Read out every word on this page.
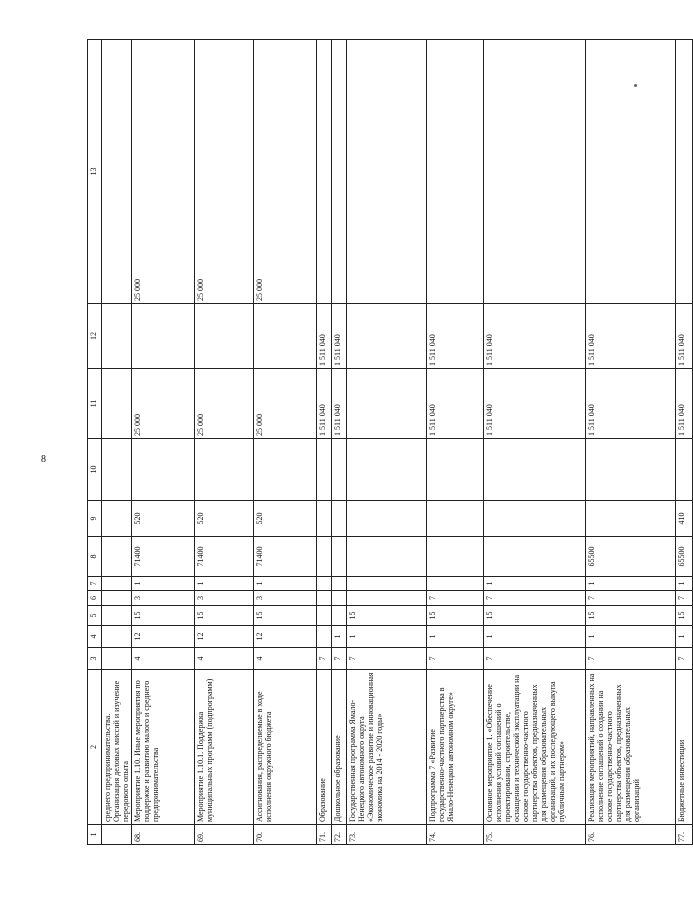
8
1	2	3	4	5	6	7	8	9	10	11	12	13
	среднего предпринимательства. Организация деловых миссий и изучение передового опыта											
68.	Мероприятие 1.10. Иные мероприятия по поддержке и развитию малого и среднего предпринимательства	4	12	15	3	1	71400	520		25 000		25 000
69.	Мероприятие 1.10.1. Поддержка муниципальных программ (подпрограмм)	4	12	15	3	1	71400	520		25 000		25 000
70.	Ассигнования, распределяемые в ходе исполнения окружного бюджета	4	12	15	3	1	71400	520		25 000		25 000
71.	Образование	7								1 511 040	1 511 040	
72.	Дошкольное образование	7	1							1 511 040	1 511 040	
73.	Государственная программа Ямало-Ненецкого автономного округа «Экономическое развитие и инновационная экономика на 2014 - 2020 годы»	7	1	15								
74.	Подпрограмма 7 «Развитие государственно-частного партнерства в Ямало-Ненецком автономном округе»	7	1	15	7					1 511 040	1 511 040	
75.	Основное мероприятие 1. «Обеспечение исполнения условий соглашений о проектировании, строительстве, оснащении и технической эксплуатации на основе государственно-частного партнерства объектов, предназначенных для размещения образовательных организаций, и их последующего выкупа публичным партнером»	7	1	15	7	1				1 511 040	1 511 040	
76.	Реализация мероприятий, направленных на исполнение соглашений о создании на основе государственно-частного партнерства объектов, предназначенных для размещения образовательных организаций	7	1	15	7	1	65500			1 511 040	1 511 040	
77.	Бюджетные инвестиции	7	1	15	7	1	65500	410		1 511 040	1 511 040	
